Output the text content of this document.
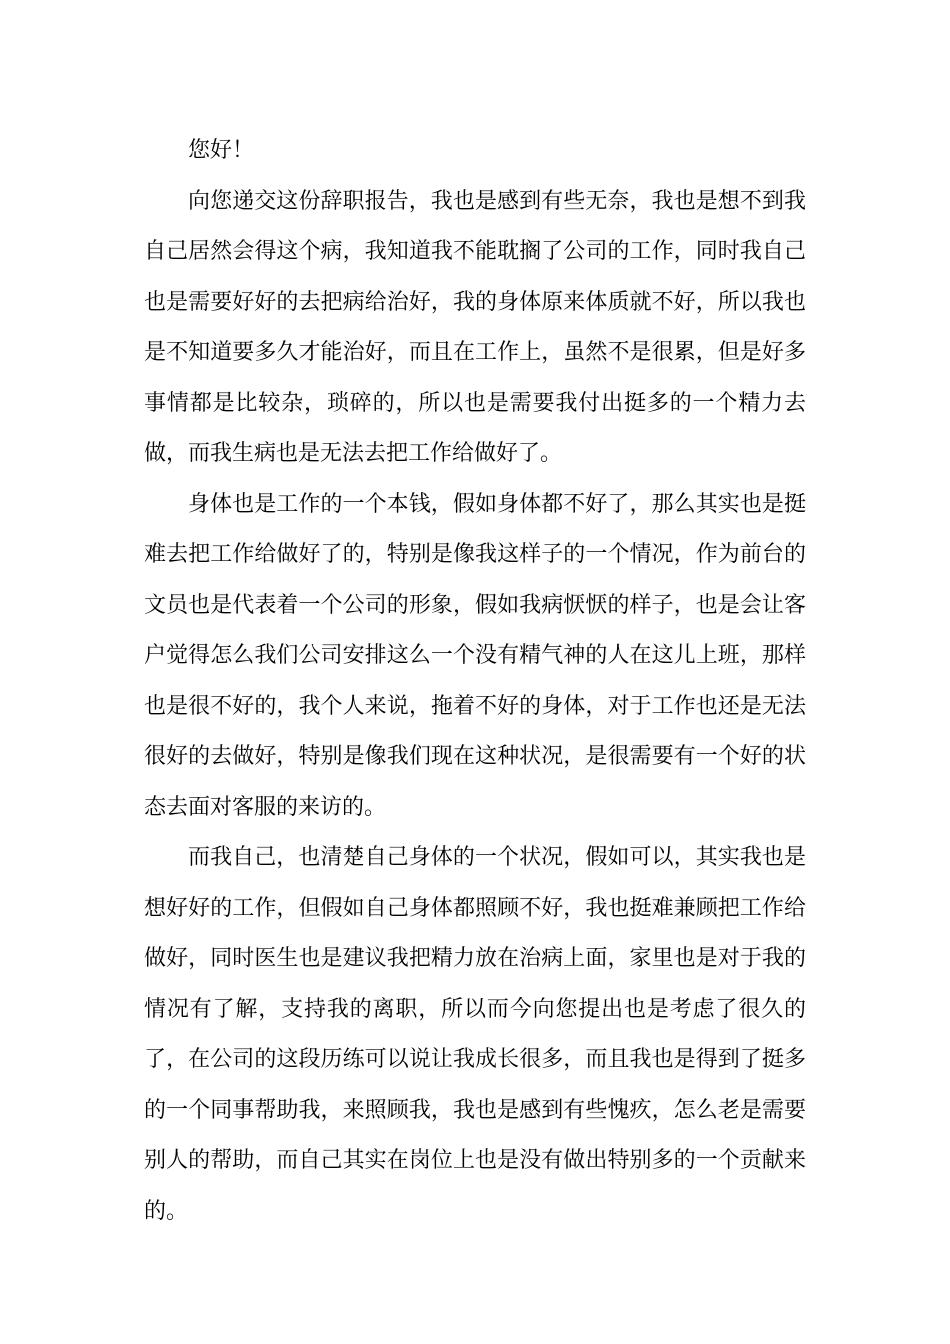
您好！

向您递交这份辞职报告，我也是感到有些无奈，我也是想不到我自己居然会得这个病，我知道我不能耽搁了公司的工作，同时我自己也是需要好好的去把病给治好，我的身体原来体质就不好，所以我也是不知道要多久才能治好，而且在工作上，虽然不是很累，但是好多事情都是比较杂，琐碎的，所以也是需要我付出挺多的一个精力去做，而我生病也是无法去把工作给做好了。

身体也是工作的一个本钱，假如身体都不好了，那么其实也是挺难去把工作给做好了的，特别是像我这样子的一个情况，作为前台的文员也是代表着一个公司的形象，假如我病恹恹的样子，也是会让客户觉得怎么我们公司安排这么一个没有精气神的人在这儿上班，那样也是很不好的，我个人来说，拖着不好的身体，对于工作也还是无法很好的去做好，特别是像我们现在这种状况，是很需要有一个好的状态去面对客服的来访的。

而我自己，也清楚自己身体的一个状况，假如可以，其实我也是想好好的工作，但假如自己身体都照顾不好，我也挺难兼顾把工作给做好，同时医生也是建议我把精力放在治病上面，家里也是对于我的情况有了解，支持我的离职，所以而今向您提出也是考虑了很久的了，在公司的这段历练可以说让我成长很多，而且我也是得到了挺多的一个同事帮助我，来照顾我，我也是感到有些愧疚，怎么老是需要别人的帮助，而自己其实在岗位上也是没有做出特别多的一个贡献来的。
